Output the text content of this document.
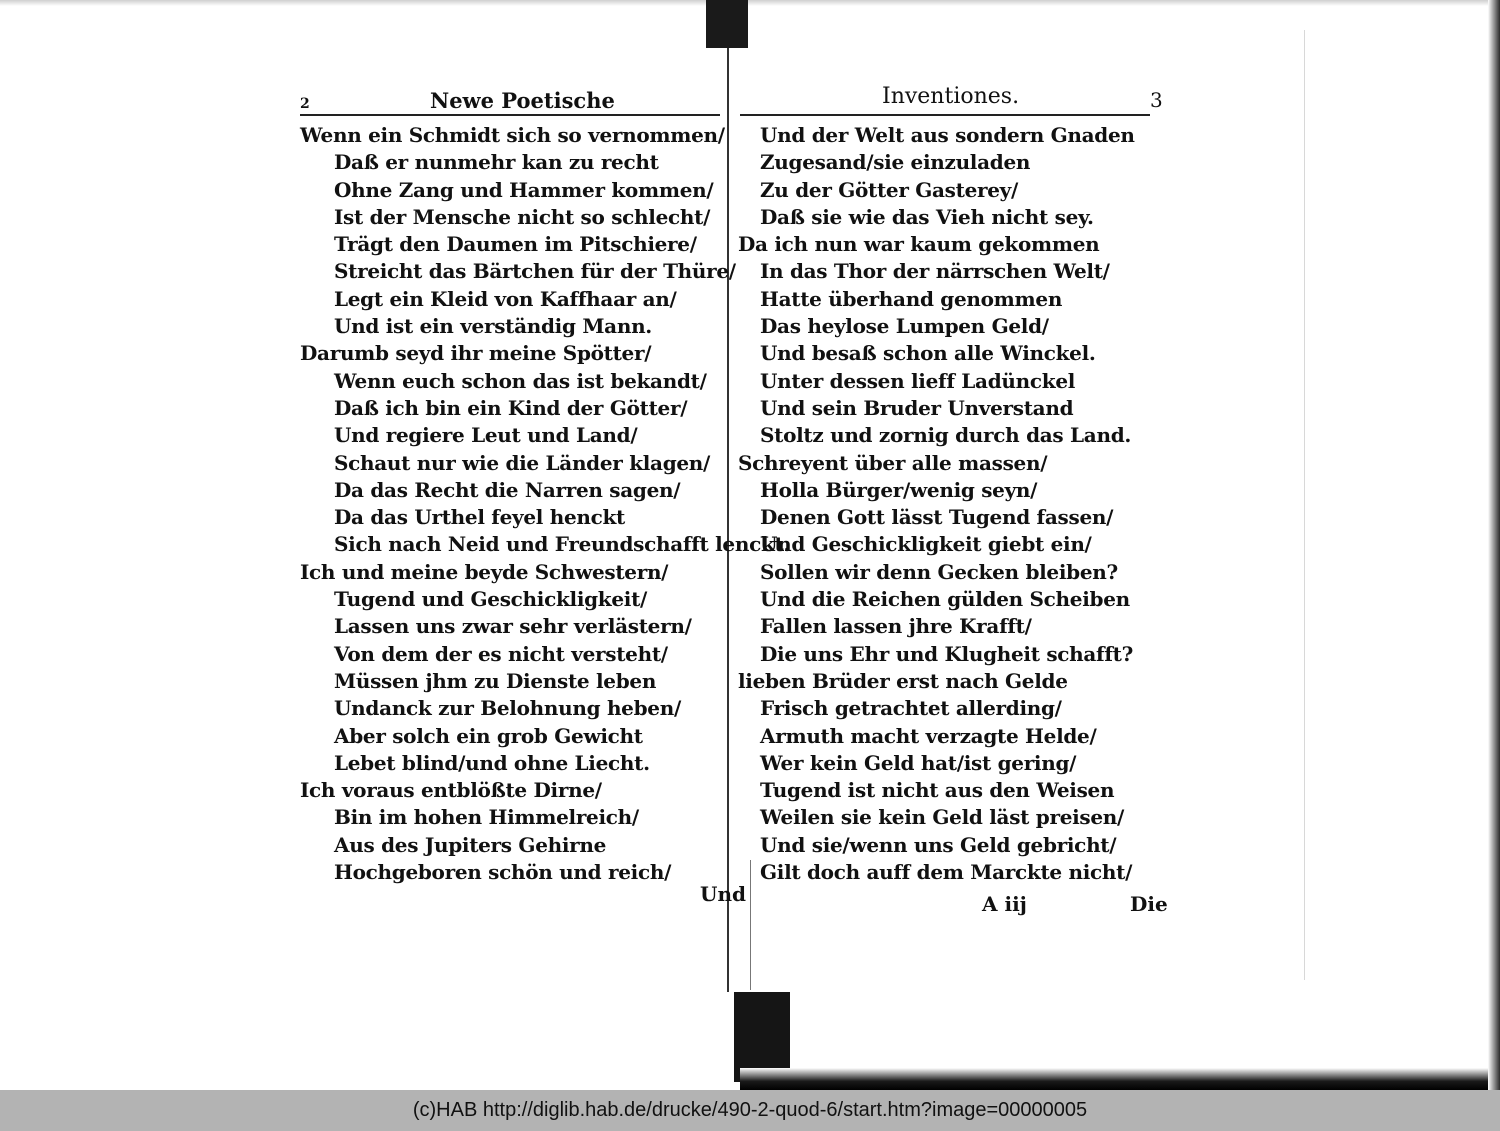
2	Newe Poetische
Wenn ein Schmidt sich so vernommen/
Daß er nunmehr kan zu recht
Ohne Zang und Hammer kommen/
Ist der Mensche nicht so schlecht/
Trägt den Daumen im Pitschiere/
Streicht das Bärtchen für der Thüre/
Legt ein Kleid von Kaffhaar an/
Und ist ein verständig Mann.
Darumb seyd ihr meine Spötter/
Wenn euch schon das ist bekandt/
Daß ich bin ein Kind der Götter/
Und regiere Leut und Land/
Schaut nur wie die Länder klagen/
Da das Recht die Narren sagen/
Da das Urthel feyel henckt
Sich nach Neid und Freundschafft lenckt.
Ich und meine beyde Schwestern/
Tugend und Geschickligkeit/
Lassen uns zwar sehr verlästern/
Von dem der es nicht versteht/
Müssen jhm zu Dienste leben
Undanck zur Belohnung heben/
Aber solch ein grob Gewicht
Lebet blind/und ohne Liecht.
Ich voraus entblößte Dirne/
Bin im hohen Himmelreich/
Aus des Jupiters Gehirne
Hochgeboren schön und reich/
Und
Inventiones.	3
Und der Welt aus sondern Gnaden
Zugesand/sie einzuladen
Zu der Götter Gasterey/
Daß sie wie das Vieh nicht sey.
Da ich nun war kaum gekommen
In das Thor der närrschen Welt/
Hatte überhand genommen
Das heylose Lumpen Geld/
Und besaß schon alle Winckel.
Unter dessen lieff Ladünckel
Und sein Bruder Unverstand
Stoltz und zornig durch das Land.
Schreyent über alle massen/
Holla Bürger/wenig seyn/
Denen Gott lässt Tugend fassen/
Und Geschickligkeit giebt ein/
Sollen wir denn Gecken bleiben?
Und die Reichen gülden Scheiben
Fallen lassen jhre Krafft/
Die uns Ehr und Klugheit schafft?
lieben Brüder erst nach Gelde
Frisch getrachtet allerding/
Armuth macht verzagte Helde/
Wer kein Geld hat/ist gering/
Tugend ist nicht aus den Weisen
Weilen sie kein Geld läst preisen/
Und sie/wenn uns Geld gebricht/
Gilt doch auff dem Marckte nicht/
A iij	Die
(c)HAB http://diglib.hab.de/drucke/490-2-quod-6/start.htm?image=00000005
